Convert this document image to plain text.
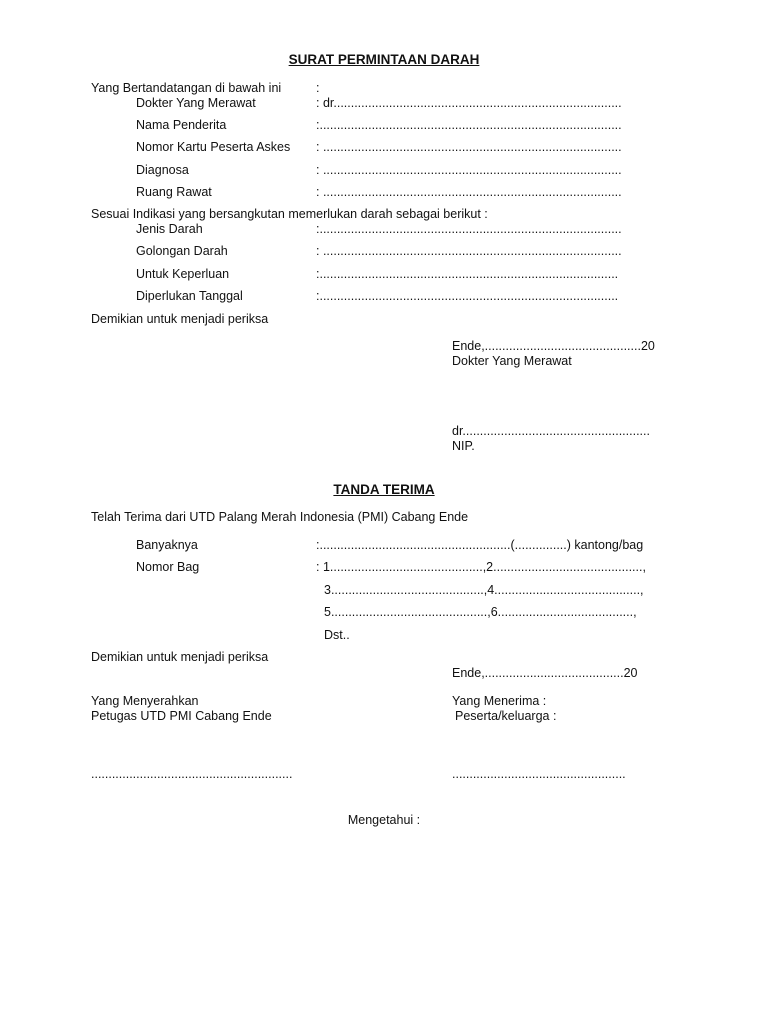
SURAT PERMINTAAN DARAH
Yang Bertandatangan di bawah ini	:
Dokter Yang Merawat	: dr...................................................................................
Nama Penderita	:.......................................................................................
Nomor Kartu Peserta Askes : ......................................................................................
Diagnosa	: ......................................................................................
Ruang Rawat	: ......................................................................................
Sesuai Indikasi yang bersangkutan memerlukan darah sebagai berikut :
Jenis Darah	:.......................................................................................
Golongan Darah	: ......................................................................................
Untuk Keperluan	:......................................................................................
Diperlukan Tanggal	:......................................................................................
Demikian untuk menjadi periksa
Ende,.............................................20
Dokter Yang Merawat
dr......................................................
NIP.
TANDA TERIMA
Telah Terima dari UTD Palang Merah Indonesia (PMI) Cabang Ende
Banyaknya	:.......................................................(...............) kantong/bag
Nomor Bag	: 1............................................,2...........................................,
3............................................,4..........................................,
5.............................................,6.......................................,
Dst..
Demikian untuk menjadi periksa
Ende,........................................20
Yang Menyerahkan
Petugas UTD PMI Cabang Ende
Yang Menerima :
Peserta/keluarga :
..........................................................	..................................................
Mengetahui :
